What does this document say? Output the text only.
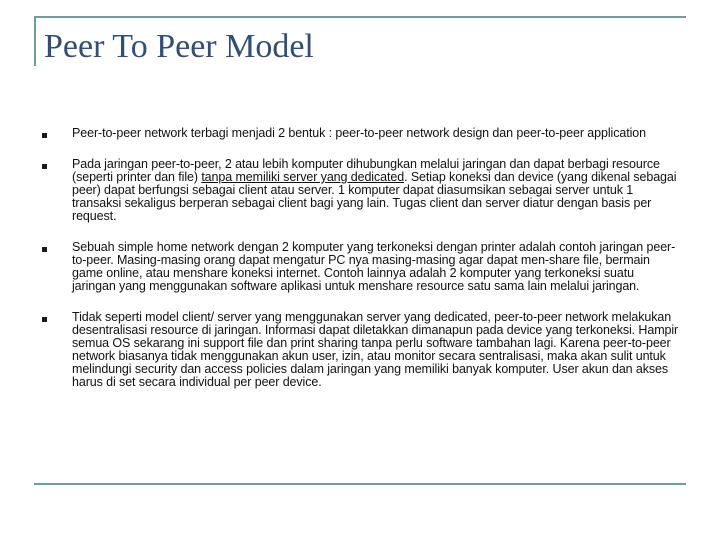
Peer To Peer Model

Peer-to-peer network terbagi menjadi 2 bentuk : peer-to-peer network design dan peer-to-peer application

Pada jaringan peer-to-peer, 2 atau lebih komputer dihubungkan melalui jaringan dan dapat berbagi resource (seperti printer dan file) tanpa memiliki server yang dedicated. Setiap koneksi dan device (yang dikenal sebagai peer) dapat berfungsi sebagai client atau server. 1 komputer dapat diasumsikan sebagai server untuk 1 transaksi sekaligus berperan sebagai client bagi yang lain. Tugas client dan server diatur dengan basis per request.

Sebuah simple home network dengan 2 komputer yang terkoneksi dengan printer adalah contoh jaringan peer-to-peer. Masing-masing orang dapat mengatur PC nya masing-masing agar dapat men-share file, bermain game online, atau menshare koneksi internet. Contoh lainnya adalah 2 komputer yang terkoneksi suatu jaringan yang menggunakan software aplikasi untuk menshare resource satu sama lain melalui jaringan.

Tidak seperti model client/ server yang menggunakan server yang dedicated, peer-to-peer network melakukan desentralisasi resource di jaringan. Informasi dapat diletakkan dimanapun pada device yang terkoneksi. Hampir semua OS sekarang ini support file dan print sharing tanpa perlu software tambahan lagi. Karena peer-to-peer network biasanya tidak menggunakan akun user, izin, atau monitor secara sentralisasi, maka akan sulit untuk melindungi security dan access policies dalam jaringan yang memiliki banyak komputer. User akun dan akses harus di set secara individual per peer device.
